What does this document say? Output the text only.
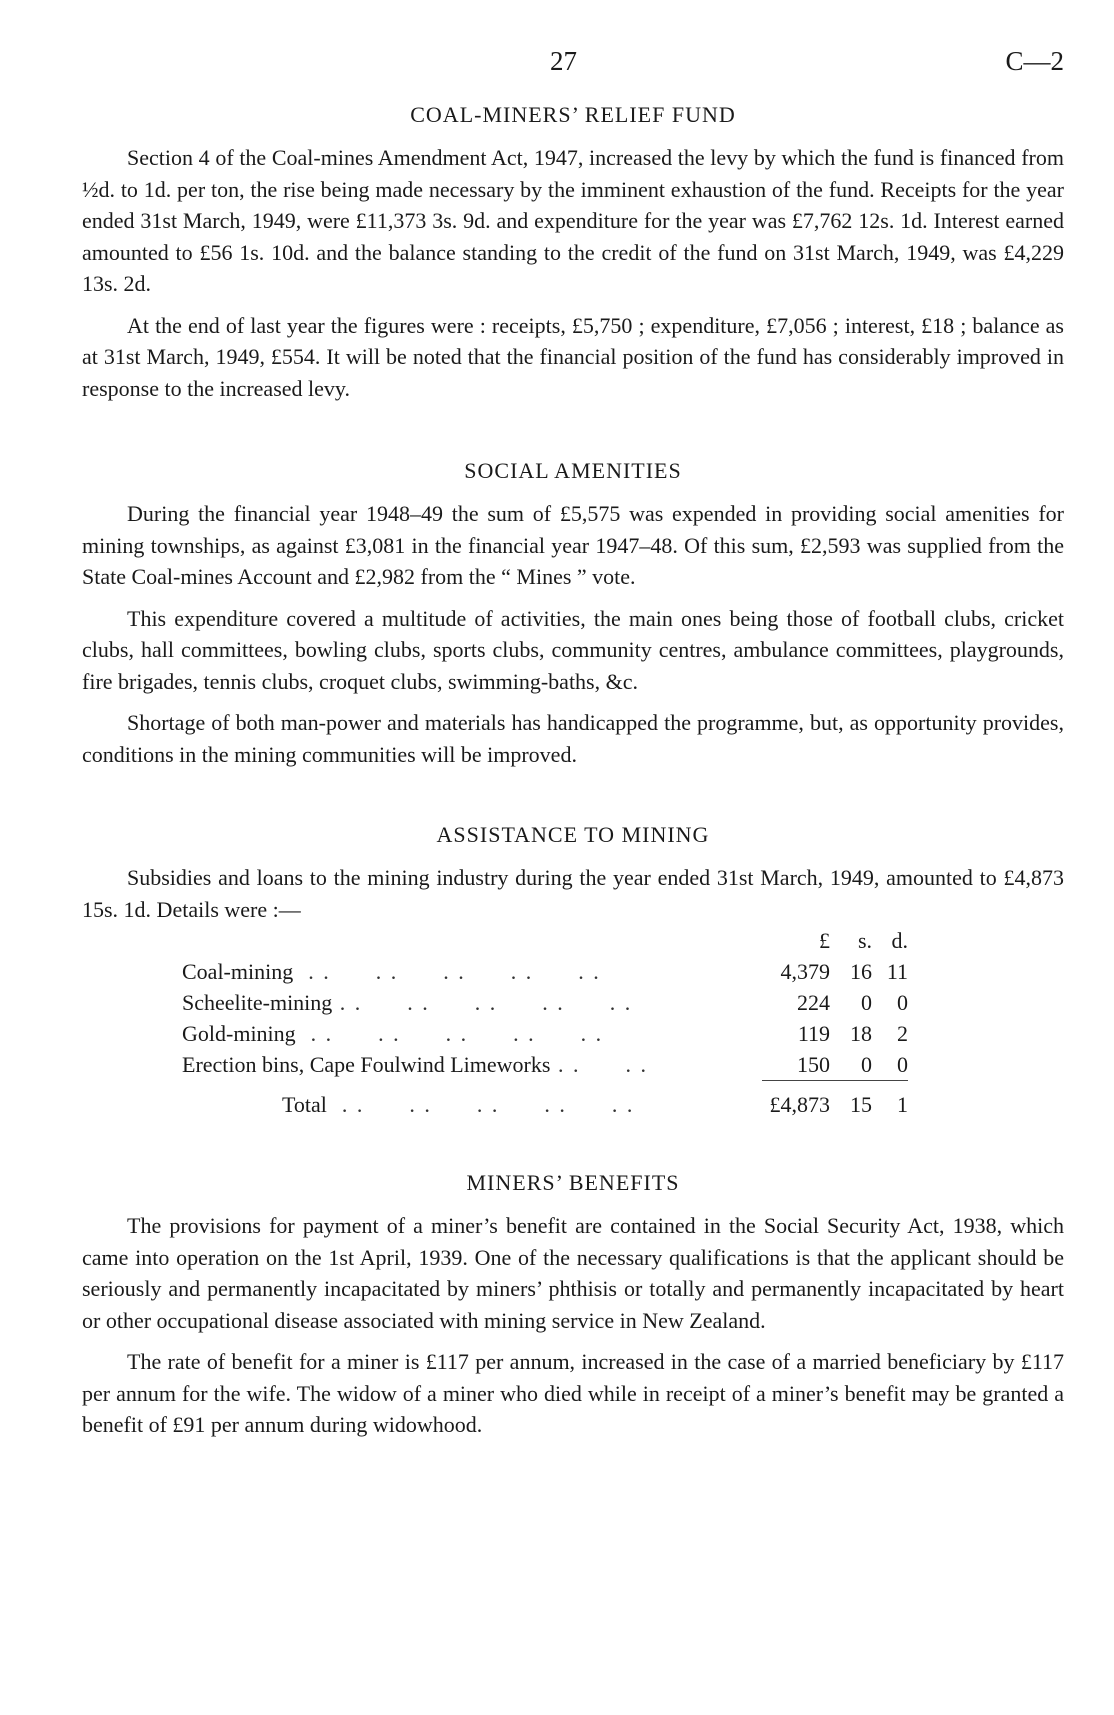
27	C—2
COAL-MINERS’ RELIEF FUND

Section 4 of the Coal-mines Amendment Act, 1947, increased the levy by which the fund is financed from ½d. to 1d. per ton, the rise being made necessary by the imminent exhaustion of the fund. Receipts for the year ended 31st March, 1949, were £11,373 3s. 9d. and expenditure for the year was £7,762 12s. 1d. Interest earned amounted to £56 1s. 10d. and the balance standing to the credit of the fund on 31st March, 1949, was £4,229 13s. 2d.

At the end of last year the figures were : receipts, £5,750 ; expenditure, £7,056 ; interest, £18 ; balance as at 31st March, 1949, £554. It will be noted that the financial position of the fund has considerably improved in response to the increased levy.

SOCIAL AMENITIES

During the financial year 1948–49 the sum of £5,575 was expended in providing social amenities for mining townships, as against £3,081 in the financial year 1947–48. Of this sum, £2,593 was supplied from the State Coal-mines Account and £2,982 from the “ Mines ” vote.

This expenditure covered a multitude of activities, the main ones being those of football clubs, cricket clubs, hall committees, bowling clubs, sports clubs, community centres, ambulance committees, playgrounds, fire brigades, tennis clubs, croquet clubs, swimming-baths, &c.

Shortage of both man-power and materials has handicapped the programme, but, as opportunity provides, conditions in the mining communities will be improved.

ASSISTANCE TO MINING

Subsidies and loans to the mining industry during the year ended 31st March, 1949, amounted to £4,873 15s. 1d. Details were :—

	£	s.	d.
Coal-mining  . .      . .      . .      . .      . .	4,379	16	11
Scheelite-mining . .      . .      . .      . .      . .	224	0	0
Gold-mining  . .      . .      . .      . .      . .	119	18	2
Erection bins, Cape Foulwind Limeworks . .      . .	150	0	0

Total  . .      . .      . .      . .      . .	£4,873	15	1
MINERS’ BENEFITS

The provisions for payment of a miner’s benefit are contained in the Social Security Act, 1938, which came into operation on the 1st April, 1939. One of the necessary qualifications is that the applicant should be seriously and permanently incapacitated by miners’ phthisis or totally and permanently incapacitated by heart or other occupational disease associated with mining service in New Zealand.

The rate of benefit for a miner is £117 per annum, increased in the case of a married beneficiary by £117 per annum for the wife. The widow of a miner who died while in receipt of a miner’s benefit may be granted a benefit of £91 per annum during widowhood.
